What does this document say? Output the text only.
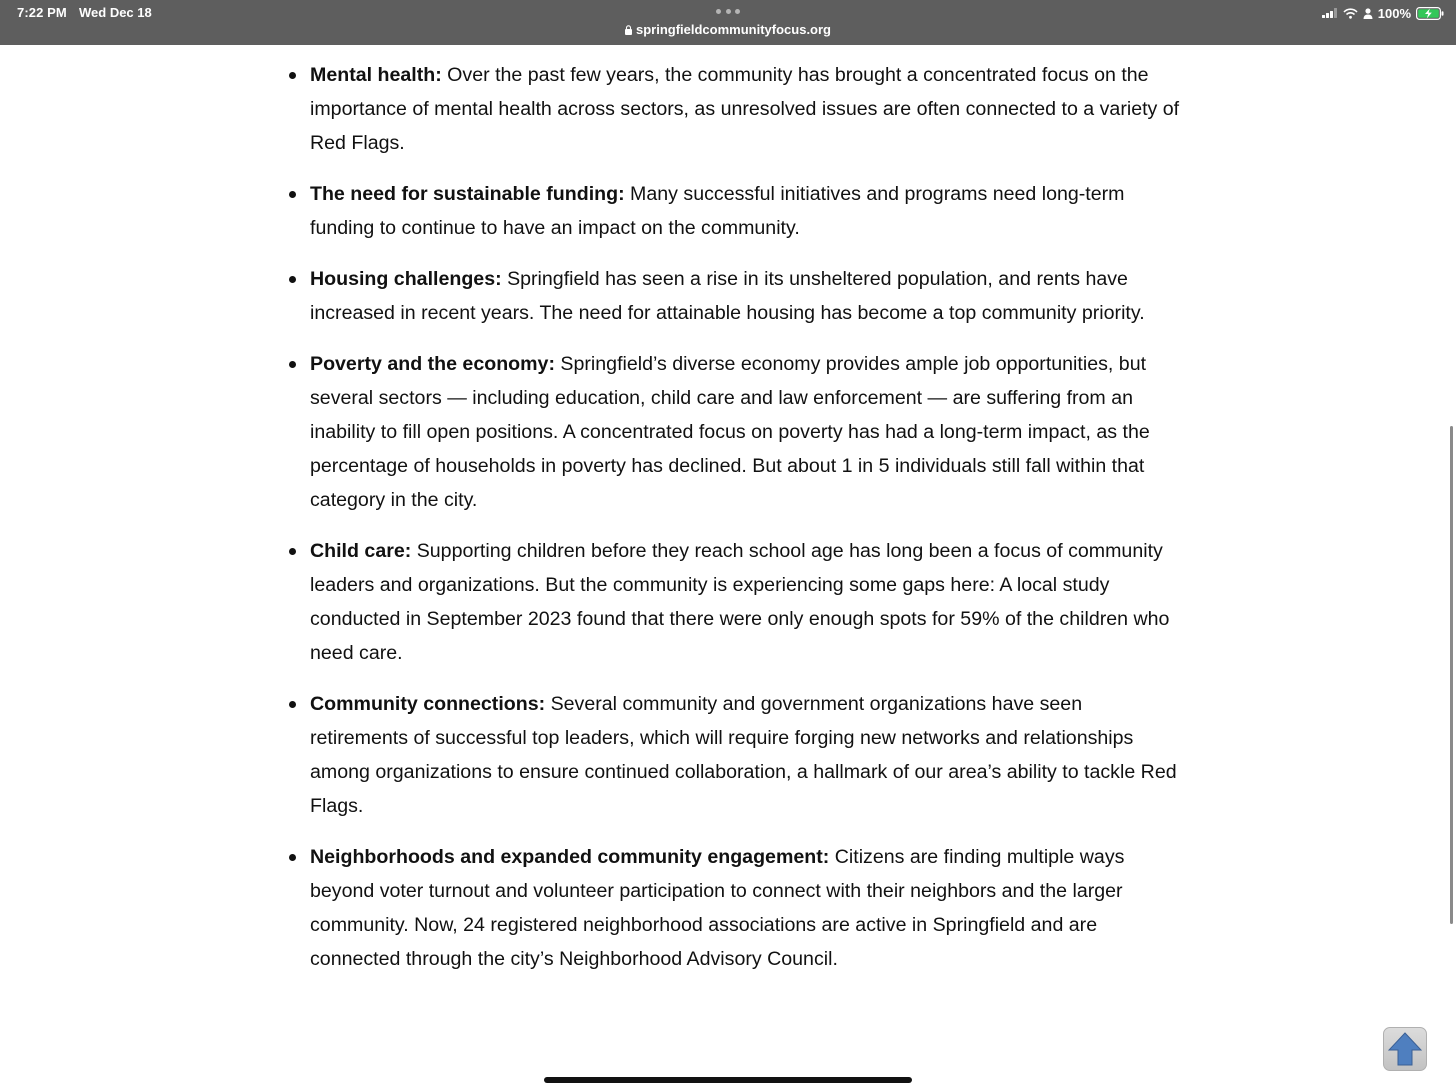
7:22 PM Wed Dec 18
springfieldcommunityfocus.org
100%
Mental health: Over the past few years, the community has brought a concentrated focus on the importance of mental health across sectors, as unresolved issues are often connected to a variety of Red Flags.
The need for sustainable funding: Many successful initiatives and programs need long-term funding to continue to have an impact on the community.
Housing challenges: Springfield has seen a rise in its unsheltered population, and rents have increased in recent years. The need for attainable housing has become a top community priority.
Poverty and the economy: Springfield’s diverse economy provides ample job opportunities, but several sectors — including education, child care and law enforcement — are suffering from an inability to fill open positions. A concentrated focus on poverty has had a long-term impact, as the percentage of households in poverty has declined. But about 1 in 5 individuals still fall within that category in the city.
Child care: Supporting children before they reach school age has long been a focus of community leaders and organizations. But the community is experiencing some gaps here: A local study conducted in September 2023 found that there were only enough spots for 59% of the children who need care.
Community connections: Several community and government organizations have seen retirements of successful top leaders, which will require forging new networks and relationships among organizations to ensure continued collaboration, a hallmark of our area’s ability to tackle Red Flags.
Neighborhoods and expanded community engagement: Citizens are finding multiple ways beyond voter turnout and volunteer participation to connect with their neighbors and the larger community. Now, 24 registered neighborhood associations are active in Springfield and are connected through the city’s Neighborhood Advisory Council.
